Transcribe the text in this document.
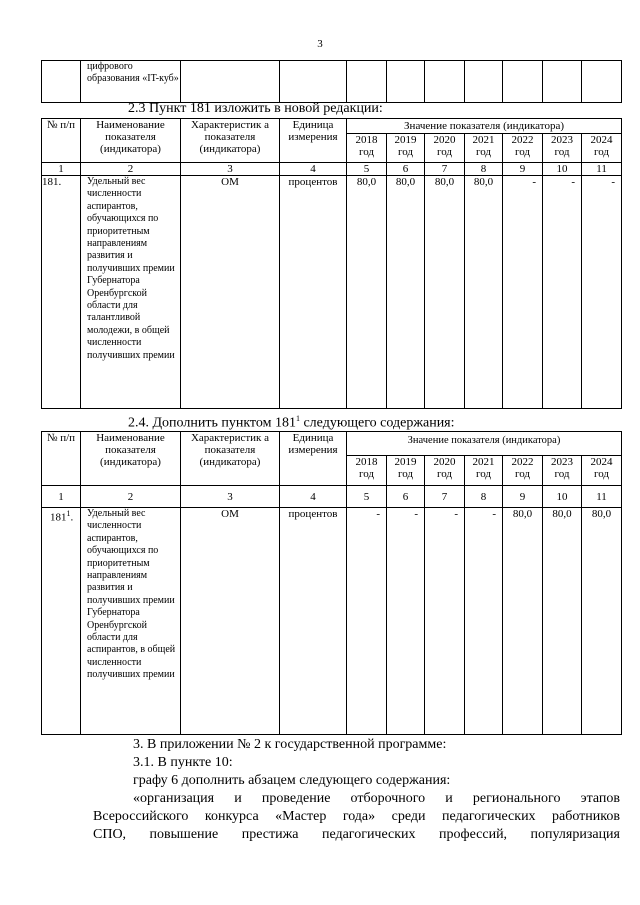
3
	цифрового образования «IT-куб»									
2.3 Пункт 181 изложить в новой редакции:
№ п/п	Наименование показателя (индикатора)	Характеристик а показателя (индикатора)	Единица измерения	Значение показателя (индикатора)						
				2018 год	2019 год	2020 год	2021 год	2022 год	2023 год	2024 год
1	2	3	4	5	6	7	8	9	10	11
181.	Удельный вес численности аспирантов, обучающихся по приоритетным направлениям развития и получивших премии Губернатора Оренбургской области для талантливой молодежи, в общей численности получивших премии	ОМ	процентов	80,0	80,0	80,0	80,0	-	-	-
2.4. Дополнить пунктом $181^1$ следующего содержания:
№ п/п	Наименование показателя (индикатора)	Характеристик а показателя (индикатора)	Единица измерения	Значение показателя (индикатора)						
				2018 год	2019 год	2020 год	2021 год	2022 год	2023 год	2024 год
1	2	3	4	5	6	7	8	9	10	11
$181^1$.	Удельный вес численности аспирантов, обучающихся по приоритетным направлениям развития и получивших премии Губернатора Оренбургской области для аспирантов, в общей численности получивших премии	ОМ	процентов	-	-	-	-	80,0	80,0	80,0
3. В приложении № 2 к государственной программе:
3.1. В пункте 10:
графу 6 дополнить абзацем следующего содержания:
«организация и проведение отборочного и регионального этапов
Всероссийского конкурса «Мастер года» среди педагогических работников
СПО, повышение престижа педагогических профессий, популяризация
